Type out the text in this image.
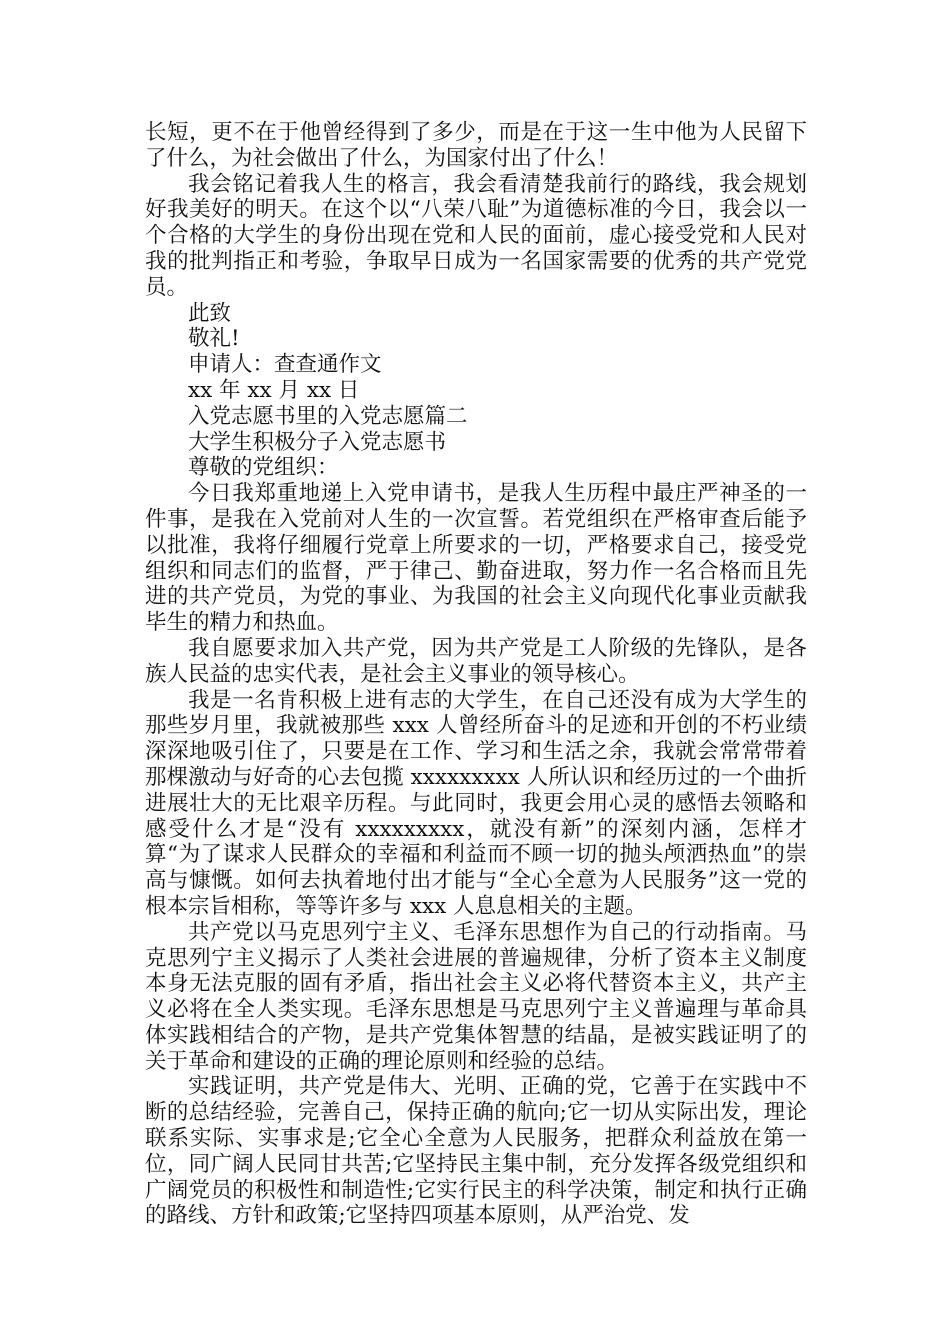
长短，更不在于他曾经得到了多少，而是在于这一生中他为人民留下了什么，为社会做出了什么，为国家付出了什么！

我会铭记着我人生的格言，我会看清楚我前行的路线，我会规划好我美好的明天。在这个以“八荣八耻”为道德标准的今日，我会以一个合格的大学生的身份出现在党和人民的面前，虚心接受党和人民对我的批判指正和考验，争取早日成为一名国家需要的优秀的共产党党员。

此致

敬礼!

申请人：查查通作文

xx 年 xx 月 xx 日

入党志愿书里的入党志愿篇二

大学生积极分子入党志愿书

尊敬的党组织：

今日我郑重地递上入党申请书，是我人生历程中最庄严神圣的一件事，是我在入党前对人生的一次宣誓。若党组织在严格审查后能予以批准，我将仔细履行党章上所要求的一切，严格要求自己，接受党组织和同志们的监督，严于律己、勤奋进取，努力作一名合格而且先进的共产党员，为党的事业、为我国的社会主义向现代化事业贡献我毕生的精力和热血。

我自愿要求加入共产党，因为共产党是工人阶级的先锋队，是各族人民益的忠实代表，是社会主义事业的领导核心。

我是一名肯积极上进有志的大学生，在自己还没有成为大学生的那些岁月里，我就被那些 xxx 人曾经所奋斗的足迹和开创的不朽业绩深深地吸引住了，只要是在工作、学习和生活之余，我就会常常带着那棵激动与好奇的心去包揽 xxxxxxxxx 人所认识和经历过的一个曲折进展壮大的无比艰辛历程。与此同时，我更会用心灵的感悟去领略和感受什么才是“没有 xxxxxxxxx，就没有新”的深刻内涵，怎样才算“为了谋求人民群众的幸福和利益而不顾一切的抛头颅洒热血”的崇高与慷慨。如何去执着地付出才能与“全心全意为人民服务”这一党的根本宗旨相称，等等许多与 xxx 人息息相关的主题。

共产党以马克思列宁主义、毛泽东思想作为自己的行动指南。马克思列宁主义揭示了人类社会进展的普遍规律，分析了资本主义制度本身无法克服的固有矛盾，指出社会主义必将代替资本主义，共产主义必将在全人类实现。毛泽东思想是马克思列宁主义普遍理与革命具体实践相结合的产物，是共产党集体智慧的结晶，是被实践证明了的关于革命和建设的正确的理论原则和经验的总结。

实践证明，共产党是伟大、光明、正确的党，它善于在实践中不断的总结经验，完善自己，保持正确的航向;它一切从实际出发，理论联系实际、实事求是;它全心全意为人民服务，把群众利益放在第一位，同广阔人民同甘共苦;它坚持民主集中制，充分发挥各级党组织和广阔党员的积极性和制造性;它实行民主的科学决策，制定和执行正确的路线、方针和政策;它坚持四项基本原则，从严治党、发
